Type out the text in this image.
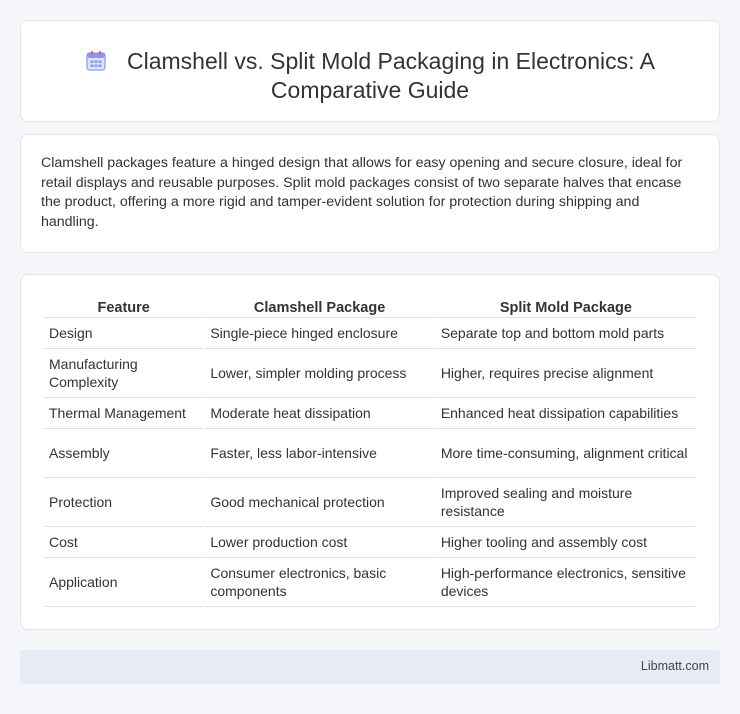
Clamshell vs. Split Mold Packaging in Electronics: A Comparative Guide

Clamshell packages feature a hinged design that allows for easy opening and secure closure, ideal for retail displays and reusable purposes. Split mold packages consist of two separate halves that encase the product, offering a more rigid and tamper-evident solution for protection during shipping and handling.

Feature	Clamshell Package	Split Mold Package
Design	Single-piece hinged enclosure	Separate top and bottom mold parts
Manufacturing Complexity	Lower, simpler molding process	Higher, requires precise alignment
Thermal Management	Moderate heat dissipation	Enhanced heat dissipation capabilities
Assembly	Faster, less labor-intensive	More time-consuming, alignment critical
Protection	Good mechanical protection	Improved sealing and moisture resistance
Cost	Lower production cost	Higher tooling and assembly cost
Application	Consumer electronics, basic components	High-performance electronics, sensitive devices
Libmatt.com
